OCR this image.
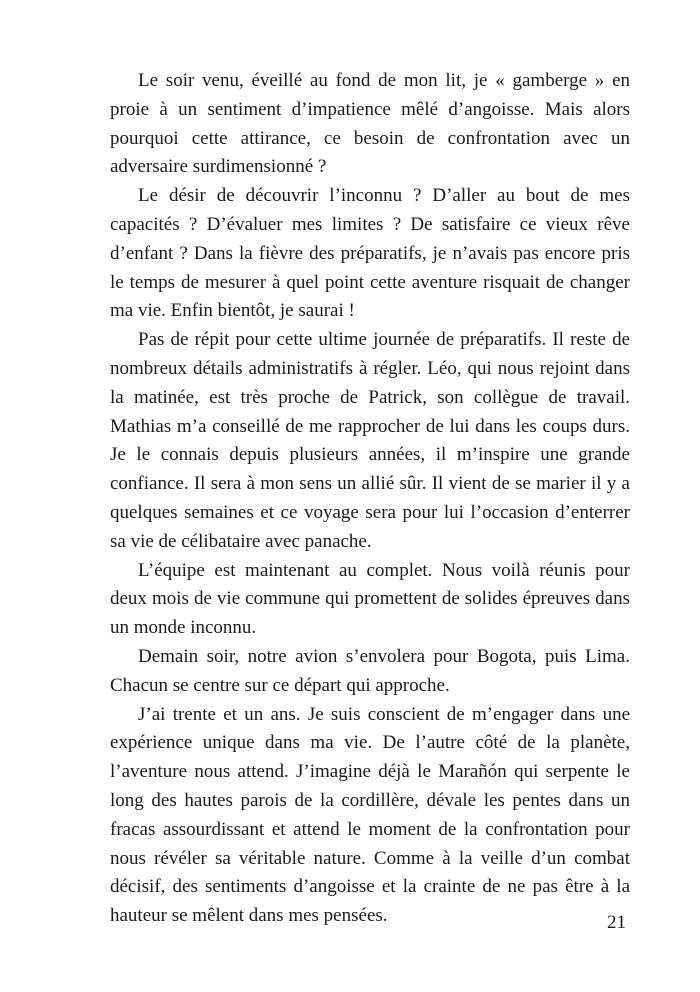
Le soir venu, éveillé au fond de mon lit, je « gamberge » en proie à un sentiment d’impatience mêlé d’angoisse. Mais alors pourquoi cette attirance, ce besoin de confrontation avec un adversaire surdimensionné ?

Le désir de découvrir l’inconnu ? D’aller au bout de mes capacités ? D’évaluer mes limites ? De satisfaire ce vieux rêve d’enfant ? Dans la fièvre des préparatifs, je n’avais pas encore pris le temps de mesurer à quel point cette aventure risquait de changer ma vie. Enfin bientôt, je saurai !

Pas de répit pour cette ultime journée de préparatifs. Il reste de nombreux détails administratifs à régler. Léo, qui nous rejoint dans la matinée, est très proche de Patrick, son collègue de travail. Mathias m’a conseillé de me rapprocher de lui dans les coups durs. Je le connais depuis plusieurs années, il m’inspire une grande confiance. Il sera à mon sens un allié sûr. Il vient de se marier il y a quelques semaines et ce voyage sera pour lui l’occasion d’enterrer sa vie de célibataire avec panache.

L’équipe est maintenant au complet. Nous voilà réunis pour deux mois de vie commune qui promettent de solides épreuves dans un monde inconnu.

Demain soir, notre avion s’envolera pour Bogota, puis Lima. Chacun se centre sur ce départ qui approche.

J’ai trente et un ans. Je suis conscient de m’engager dans une expérience unique dans ma vie. De l’autre côté de la planète, l’aventure nous attend. J’imagine déjà le Marañón qui serpente le long des hautes parois de la cordillère, dévale les pentes dans un fracas assourdissant et attend le moment de la confrontation pour nous révéler sa véritable nature. Comme à la veille d’un combat décisif, des sentiments d’angoisse et la crainte de ne pas être à la hauteur se mêlent dans mes pensées.	21
